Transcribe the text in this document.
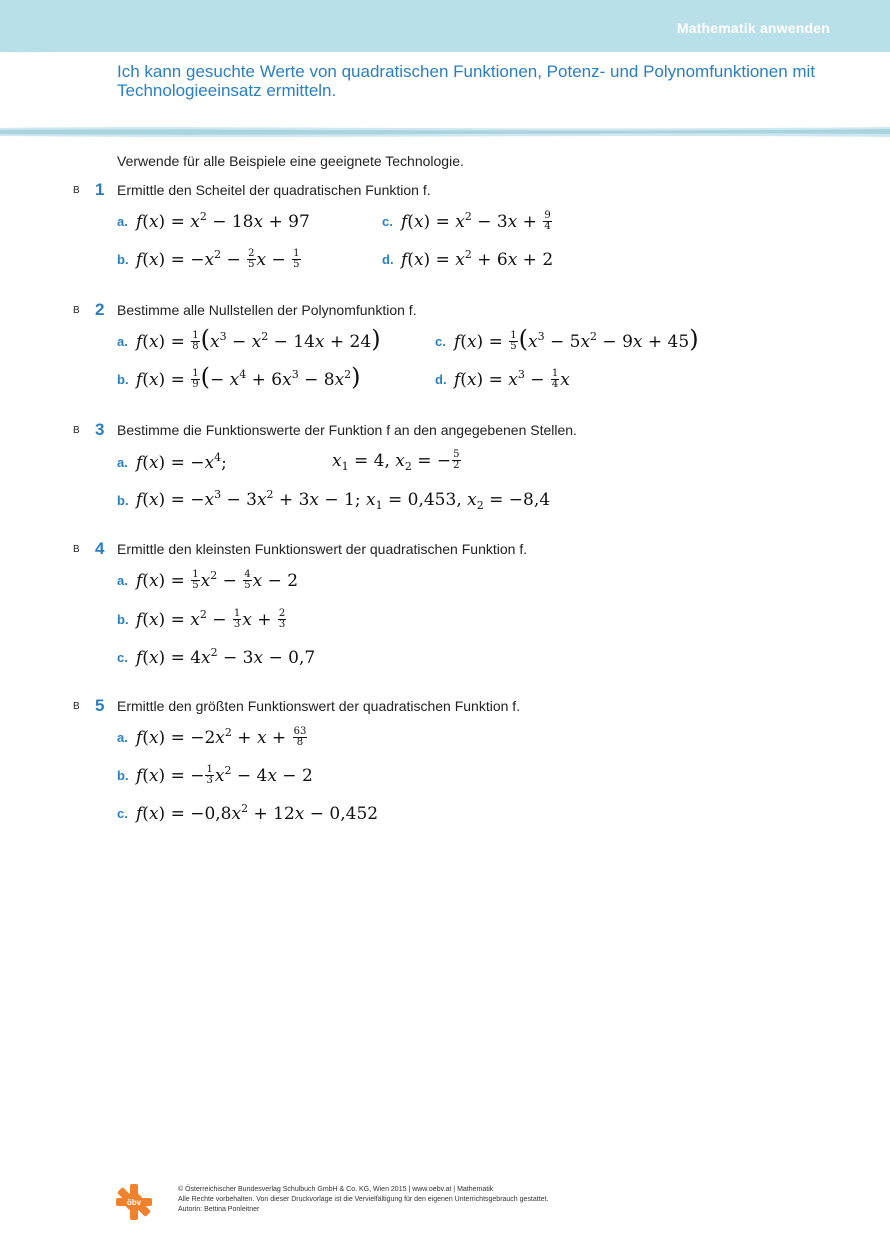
Mathematik anwenden
Ich kann gesuchte Werte von quadratischen Funktionen, Potenz- und Polynomfunktionen mit Technologieeinsatz ermitteln.
Verwende für alle Beispiele eine geeignete Technologie.
B 1 Ermittle den Scheitel der quadratischen Funktion f.
a. $f(x) = x^2 - 18x + 97$	c. $f(x) = x^2 - 3x + \frac{9}{4}$
b. $f(x) = -x^2 - \frac{2}{5}$ $x - \frac{1}{5}$	d. $f(x) = x^2 + 6x + 2$
B 2 Bestimme alle Nullstellen der Polynomfunktion f.
a. $f(x) = \frac{1}{8} (x^3 - x^2 - 14x + 24)$	c. $f(x) = \frac{1}{5} (x^3 - 5x^2 - 9x + 45)$
b. $f(x) = \frac{1}{9}$ (− $x^4 + 6x^3 - 8x^2$)	d. $f(x) = x^3 - \frac{1}{4}$ x
B 3 Bestimme die Funktionswerte der Funktion f an den angegebenen Stellen.
a. $f(x) = -x^4$;	$x_1 = 4$, $x_2$ = − $\frac{5}{2}$
b. $f(x) = -x^3 - 3x^2 + 3x - 1$; $x_1 = 0,453$, $x_2 = -8,4$
B 4 Ermittle den kleinsten Funktionswert der quadratischen Funktion f.
a. $f(x) = \frac{1}{5} x^2 - \frac{4}{5}$ x − 2
b. $f(x) = x^2 - \frac{1}{3}$ $x + \frac{2}{3}$
c. $f(x) = 4x^2 - 3x - 0,7$
B 5 Ermittle den größten Funktionswert der quadratischen Funktion f.
a. $f(x) = -2x^2 + x + \frac{63}{8}$
b. f(x) = − $\frac{1}{3} x^2 - 4x - 2$
c. $f(x) = -0,8x^2 + 12x - 0,452$
öbv
© Österreichischer Bundesverlag Schulbuch GmbH & Co. KG, Wien 2015 | www.oebv.at | Mathematik
Alle Rechte vorbehalten. Von dieser Druckvorlage ist die Vervielfältigung für den eigenen Unterrichtsgebrauch gestattet.
Autorin: Bettina Ponleitner
